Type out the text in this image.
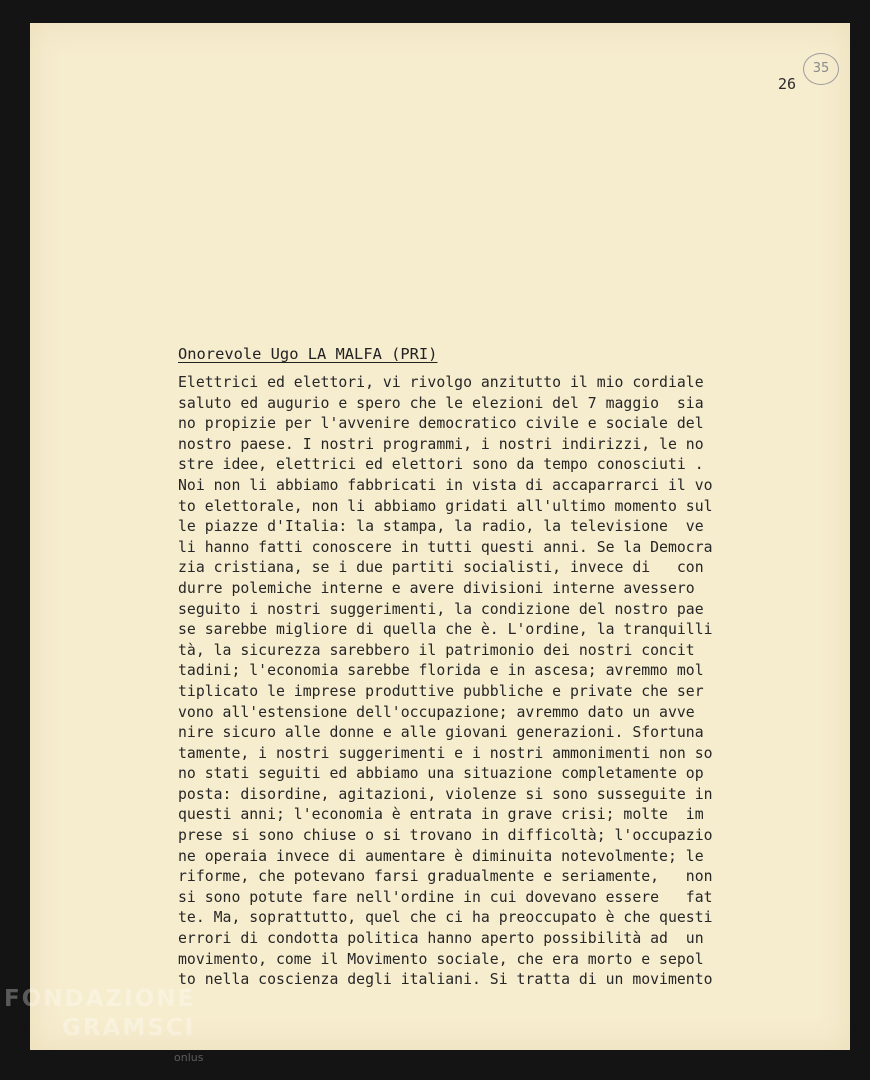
26

35
Onorevole Ugo LA MALFA (PRI)
Elettrici ed elettori, vi rivolgo anzitutto il mio cordiale
saluto ed augurio e spero che le elezioni del 7 maggio  sia
no propizie per l'avvenire democratico civile e sociale del
nostro paese. I nostri programmi, i nostri indirizzi, le no
stre idee, elettrici ed elettori sono da tempo conosciuti .
Noi non li abbiamo fabbricati in vista di accaparrarci il vo
to elettorale, non li abbiamo gridati all'ultimo momento sul
le piazze d'Italia: la stampa, la radio, la televisione  ve
li hanno fatti conoscere in tutti questi anni. Se la Democra
zia cristiana, se i due partiti socialisti, invece di   con
durre polemiche interne e avere divisioni interne avessero
seguito i nostri suggerimenti, la condizione del nostro pae
se sarebbe migliore di quella che è. L'ordine, la tranquilli
tà, la sicurezza sarebbero il patrimonio dei nostri concit
tadini; l'economia sarebbe florida e in ascesa; avremmo mol
tiplicato le imprese produttive pubbliche e private che ser
vono all'estensione dell'occupazione; avremmo dato un avve
nire sicuro alle donne e alle giovani generazioni. Sfortuna
tamente, i nostri suggerimenti e i nostri ammonimenti non so
no stati seguiti ed abbiamo una situazione completamente op
posta: disordine, agitazioni, violenze si sono susseguite in
questi anni; l'economia è entrata in grave crisi; molte  im
prese si sono chiuse o si trovano in difficoltà; l'occupazio
ne operaia invece di aumentare è diminuita notevolmente; le
riforme, che potevano farsi gradualmente e seriamente,   non
si sono potute fare nell'ordine in cui dovevano essere   fat
te. Ma, soprattutto, quel che ci ha preoccupato è che questi
errori di condotta politica hanno aperto possibilità ad  un
movimento, come il Movimento sociale, che era morto e sepol
to nella coscienza degli italiani. Si tratta di un movimento
FONDAZIONE
GRAMSCI
onlus
